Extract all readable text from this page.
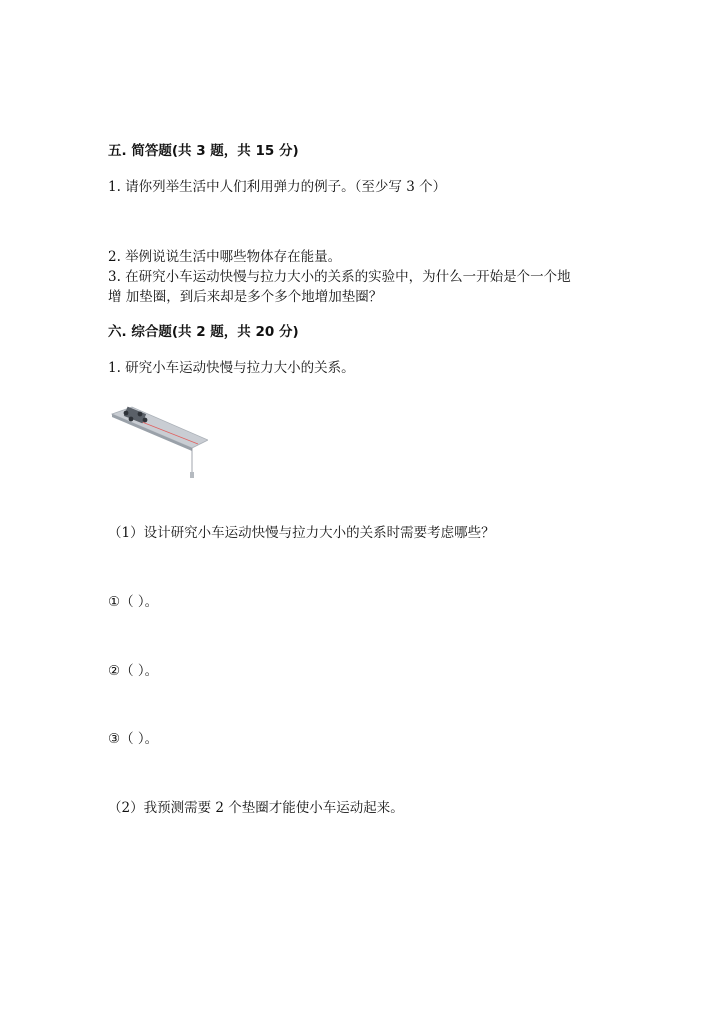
五. 简答题(共 3 题，共 15 分)
1. 请你列举生活中人们利用弹力的例子。（至少写 3 个）
2. 举例说说生活中哪些物体存在能量。
3. 在研究小车运动快慢与拉力大小的关系的实验中，为什么一开始是个一个地
增 加垫圈，到后来却是多个多个地增加垫圈？
六. 综合题(共 2 题，共 20 分)
1. 研究小车运动快慢与拉力大小的关系。
（1）设计研究小车运动快慢与拉力大小的关系时需要考虑哪些？
①（ ）。
②（ ）。
③（ ）。
（2）我预测需要 2 个垫圈才能使小车运动起来。
